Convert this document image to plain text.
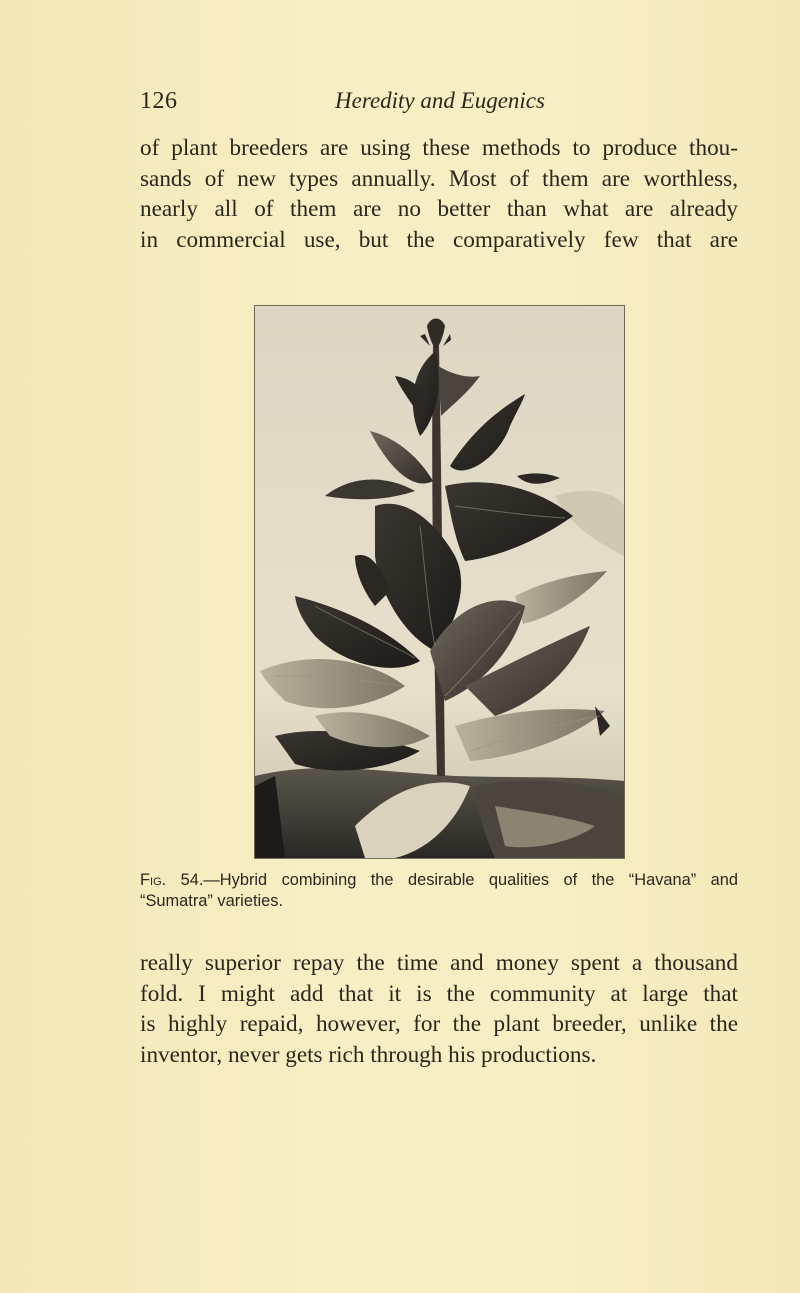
126	Heredity and Eugenics
of plant breeders are using these methods to produce thou-
sands of new types annually. Most of them are worthless,
nearly all of them are no better than what are already
in commercial use, but the comparatively few that are
Fig. 54.—Hybrid combining the desirable qualities of the “Havana” and
“Sumatra” varieties.
really superior repay the time and money spent a thousand
fold. I might add that it is the community at large that
is highly repaid, however, for the plant breeder, unlike the
inventor, never gets rich through his productions.
